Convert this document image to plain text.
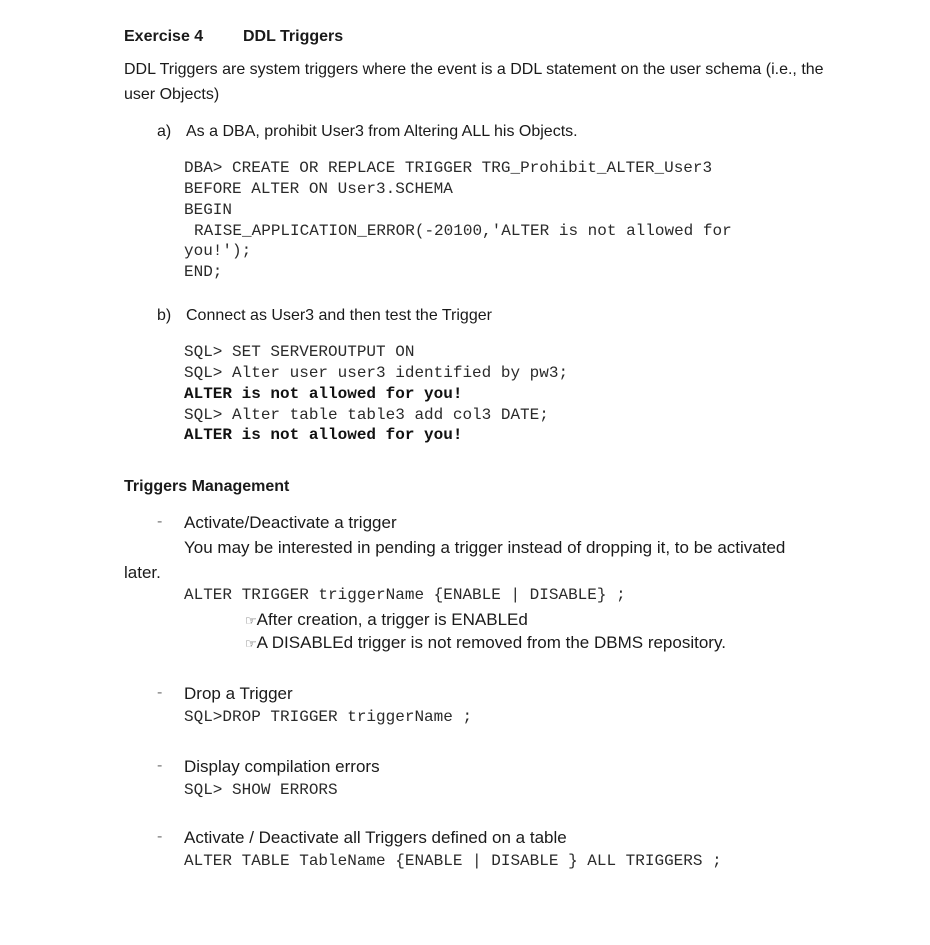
Exercise 4 DDL Triggers
DDL Triggers are system triggers where the event is a DDL statement on the user schema (i.e., the
user Objects)
a) As a DBA, prohibit User3 from Altering ALL his Objects.
DBA> CREATE OR REPLACE TRIGGER TRG_Prohibit_ALTER_User3
BEFORE ALTER ON User3.SCHEMA
BEGIN
RAISE_APPLICATION_ERROR(-20100,'ALTER is not allowed for
you!');
END;
b) Connect as User3 and then test the Trigger
SQL> SET SERVEROUTPUT ON
SQL> Alter user user3 identified by pw3;
ALTER is not allowed for you!
SQL> Alter table table3 add col3 DATE;
ALTER is not allowed for you!
Triggers Management
- Activate/Deactivate a trigger
You may be interested in pending a trigger instead of dropping it, to be activated
later.
ALTER TRIGGER triggerName {ENABLE | DISABLE} ;
☞After creation, a trigger is ENABLEd
☞A DISABLEd trigger is not removed from the DBMS repository.
- Drop a Trigger
SQL>DROP TRIGGER triggerName ;
- Display compilation errors
SQL> SHOW ERRORS
- Activate / Deactivate all Triggers defined on a table
ALTER TABLE TableName {ENABLE | DISABLE } ALL TRIGGERS ;
